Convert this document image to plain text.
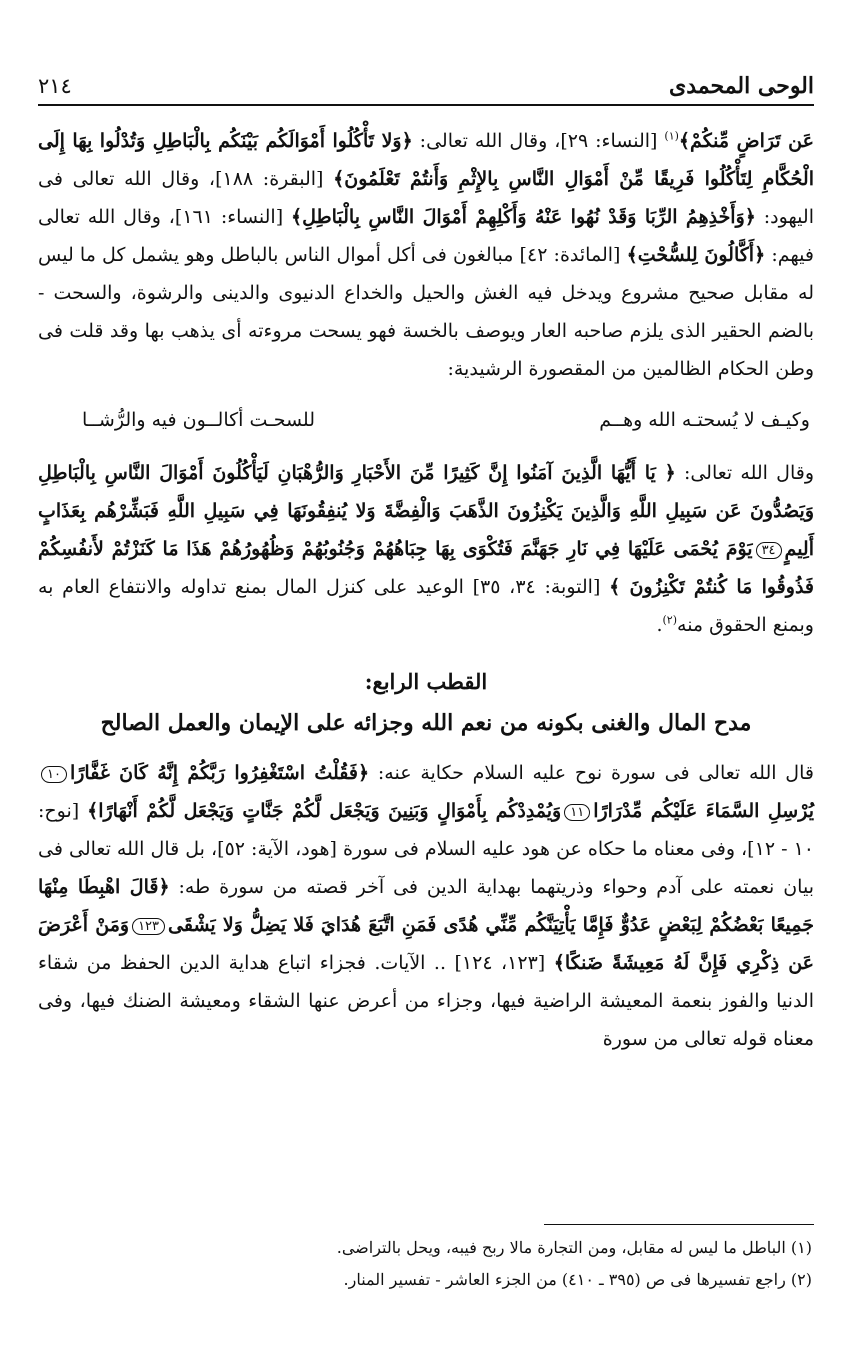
الوحى المحمدى
٢١٤

عَن تَرَاضٍ مِّنكُمْ﴾$^{(١)}$ [النساء: ٢٩]، وقال الله تعالى: ﴿وَلا تَأْكُلُوا أَمْوَالَكُم بَيْنَكُم بِالْبَاطِلِ وَتُدْلُوا بِهَا إِلَى الْحُكَّامِ لِتَأْكُلُوا فَرِيقًا مِّنْ أَمْوَالِ النَّاسِ بِالإِثْمِ وَأَنتُمْ تَعْلَمُونَ﴾ [البقرة: ١٨٨]، وقال الله تعالى فى اليهود: ﴿وَأَخْذِهِمُ الرِّبَا وَقَدْ نُهُوا عَنْهُ وَأَكْلِهِمْ أَمْوَالَ النَّاسِ بِالْبَاطِلِ﴾ [النساء: ١٦١]، وقال الله تعالى فيهم: ﴿أَكَّالُونَ لِلسُّحْتِ﴾ [المائدة: ٤٢] مبالغون فى أكل أموال الناس بالباطل وهو يشمل كل ما ليس له مقابل صحيح مشروع ويدخل فيه الغش والحيل والخداع الدنيوى والدينى والرشوة، والسحت - بالضم الحقير الذى يلزم صاحبه العار ويوصف بالخسة فهو يسحت مروءته أى يذهب بها وقد قلت فى وطن الحكام الظالمين من المقصورة الرشيدية:

وكيـف لا يُسحتـه الله وهــم
للسحـت أكالــون فيه والرُّشــا

وقال الله تعالى: ﴿ يَا أَيُّهَا الَّذِينَ آمَنُوا إِنَّ كَثِيرًا مِّنَ الأَحْبَارِ وَالرُّهْبَانِ لَيَأْكُلُونَ أَمْوَالَ النَّاسِ بِالْبَاطِلِ وَيَصُدُّونَ عَن سَبِيلِ اللَّهِ وَالَّذِينَ يَكْنِزُونَ الذَّهَبَ وَالْفِضَّةَ وَلا يُنفِقُونَهَا فِي سَبِيلِ اللَّهِ فَبَشِّرْهُم بِعَذَابٍ أَلِيمٍ٣٤يَوْمَ يُحْمَى عَلَيْهَا فِي نَارِ جَهَنَّمَ فَتُكْوَى بِهَا جِبَاهُهُمْ وَجُنُوبُهُمْ وَظُهُورُهُمْ هَذَا مَا كَنَزْتُمْ لأَنفُسِكُمْ فَذُوقُوا مَا كُنتُمْ تَكْنِزُونَ ﴾ [التوبة: ٣٤، ٣٥] الوعيد على كنزل المال بمنع تداوله والانتفاع العام به وبمنع الحقوق منه$^{(٢)}$.

القطب الرابع:
مدح المال والغنى بكونه من نعم الله وجزائه على الإيمان والعمل الصالح

قال الله تعالى فى سورة نوح عليه السلام حكاية عنه: ﴿فَقُلْتُ اسْتَغْفِرُوا رَبَّكُمْ إِنَّهُ كَانَ غَفَّارًا١٠يُرْسِلِ السَّمَاءَ عَلَيْكُم مِّدْرَارًا١١وَيُمْدِدْكُم بِأَمْوَالٍ وَبَنِينَ وَيَجْعَل لَّكُمْ جَنَّاتٍ وَيَجْعَل لَّكُمْ أَنْهَارًا﴾ [نوح: ١٠ - ١٢]، وفى معناه ما حكاه عن هود عليه السلام فى سورة [هود، الآية: ٥٢]، بل قال الله تعالى فى بيان نعمته على آدم وحواء وذريتهما بهداية الدين فى آخر قصته من سورة طه: ﴿قَالَ اهْبِطَا مِنْهَا جَمِيعًا بَعْضُكُمْ لِبَعْضٍ عَدُوٌّ فَإِمَّا يَأْتِيَنَّكُم مِّنِّي هُدًى فَمَنِ اتَّبَعَ هُدَايَ فَلا يَضِلُّ وَلا يَشْقَى١٢٣وَمَنْ أَعْرَضَ عَن ذِكْرِي فَإِنَّ لَهُ مَعِيشَةً ضَنكًا﴾ [١٢٣، ١٢٤] .. الآيات. فجزاء اتباع هداية الدين الحفظ من شقاء الدنيا والفوز بنعمة المعيشة الراضية فيها، وجزاء من أعرض عنها الشقاء ومعيشة الضنك فيها، وفى معناه قوله تعالى من سورة

(١) الباطل ما ليس له مقابل، ومن التجارة مالا ربح فيبه، ويحل بالتراضى.
(٢) راجع تفسيرها فى ص (٣٩٥ ـ ٤١٠) من الجزء العاشر - تفسير المنار.
